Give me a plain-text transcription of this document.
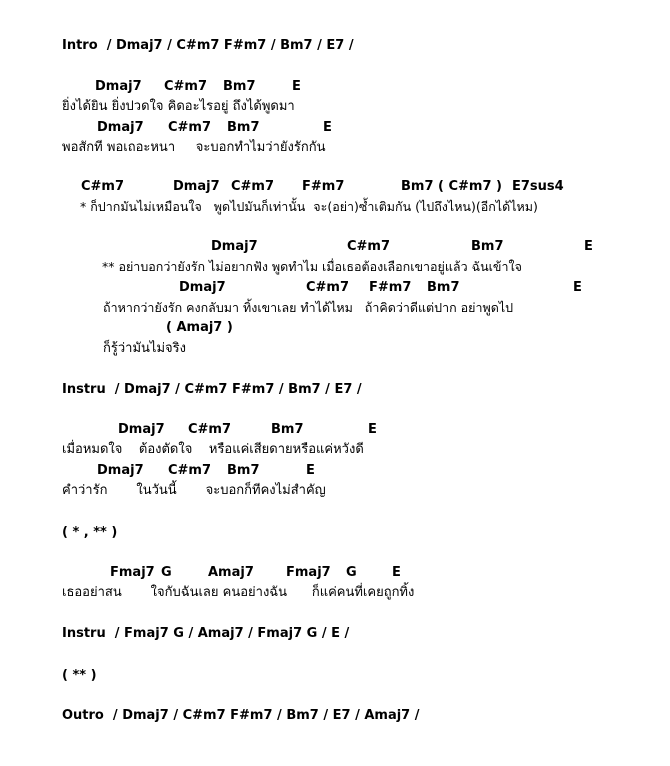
Intro  / Dmaj7 / C#m7 F#m7 / Bm7 / E7 /
Dmaj7 C#m7 Bm7	E
ยิ่งได้ยิน ยิ่งปวดใจ คิดอะไรอยู่ ถึงได้พูดมา
Dmaj7 C#m7 Bm7	E
พอสักที พอเถอะหนา     จะบอกทำไมว่ายังรักกัน
C#m7	Dmaj7 C#m7 F#m7	Bm7 ( C#m7 ) E7sus4
* ก็ปากมันไม่เหมือนใจ   พูดไปมันก็เท่านั้น  จะ(อย่า)ซ้ำเติมกัน (ไปถึงไหน)(อีกได้ไหม)
Dmaj7	C#m7	Bm7	E
** อย่าบอกว่ายังรัก ไม่อยากฟัง พูดทำไม เมื่อเธอต้องเลือกเขาอยู่แล้ว ฉันเข้าใจ
Dmaj7	C#m7 F#m7 Bm7	E
ถ้าหากว่ายังรัก คงกลับมา ทิ้งเขาเลย ทำได้ไหม   ถ้าคิดว่าดีแต่ปาก อย่าพูดไป
( Amaj7 )
ก็รู้ว่ามันไม่จริง
Instru  / Dmaj7 / C#m7 F#m7 / Bm7 / E7 /
Dmaj7 C#m7	Bm7	E
เมื่อหมดใจ    ต้องตัดใจ    หรือแค่เสียดายหรือแค่หวังดี
Dmaj7 C#m7 Bm7	E
คำว่ารัก       ในวันนี้       จะบอกก็ทีคงไม่สำคัญ
( * , ** )
Fmaj7 G	Amaj7 Fmaj7 G	E
เธออย่าสน       ใจกับฉันเลย คนอย่างฉัน      ก็แค่คนที่เคยถูกทิ้ง
Instru  / Fmaj7 G / Amaj7 / Fmaj7 G / E /
( ** )
Outro  / Dmaj7 / C#m7 F#m7 / Bm7 / E7 / Amaj7 /
